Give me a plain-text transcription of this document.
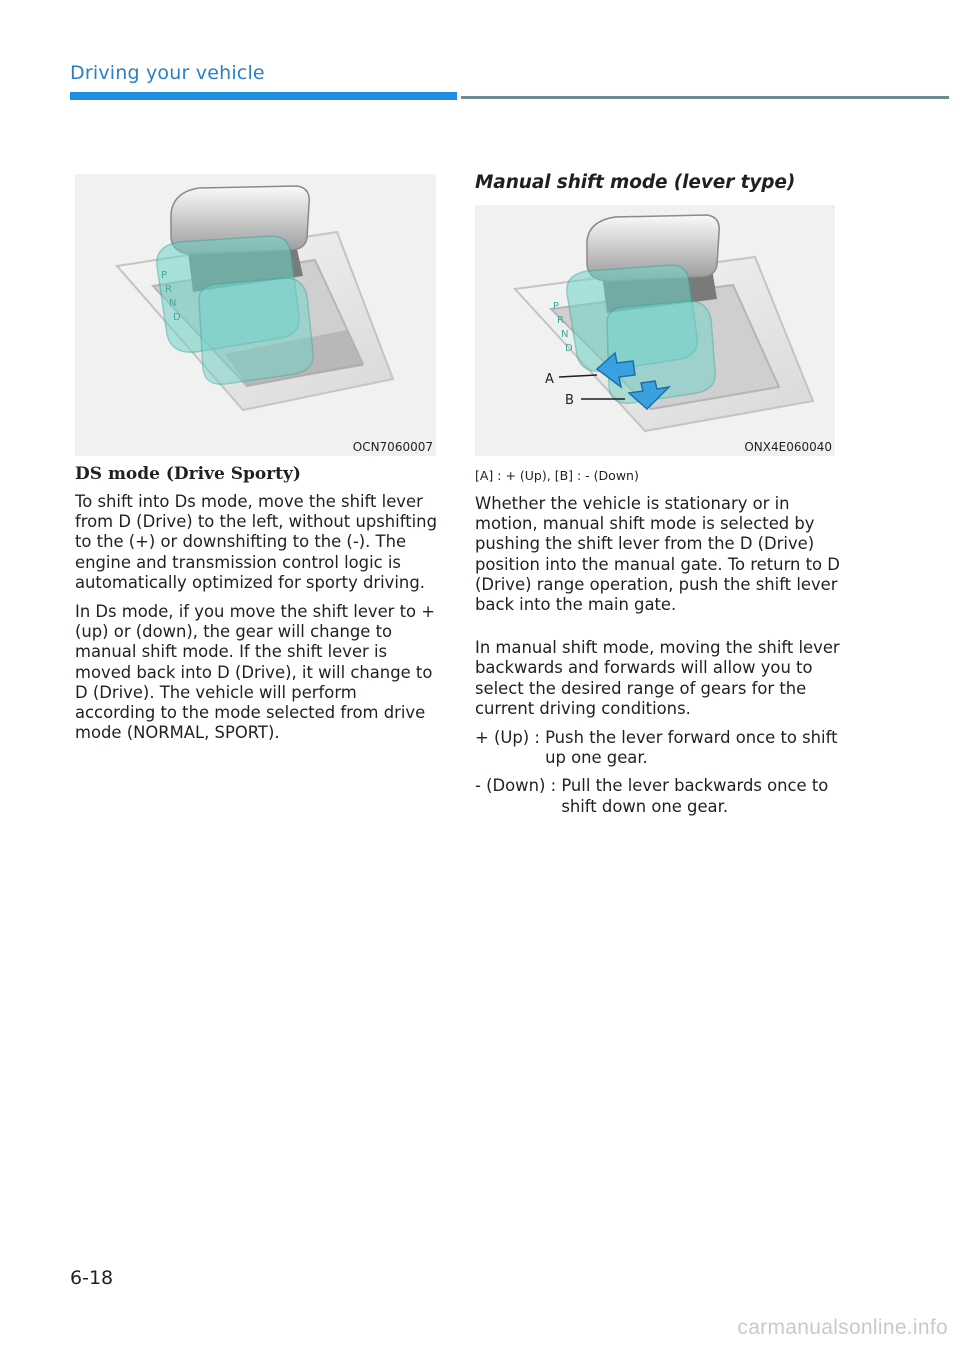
Driving your vehicle
P
R
N
D
OCN7060007
DS mode (Drive Sporty)

To shift into Ds mode, move the shift lever from D (Drive) to the left, without upshifting to the (+) or downshifting to the (-). The engine and transmission control logic is automatically optimized for sporty driving.

In Ds mode, if you move the shift lever to + (up) or (down), the gear will change to manual shift mode. If the shift lever is moved back into D (Drive), it will change to D (Drive). The vehicle will perform according to the mode selected from drive mode (NORMAL, SPORT).

Manual shift mode (lever type)
P
R
N
D
A
B
ONX4E060040
[A] : + (Up), [B] : - (Down)

Whether the vehicle is stationary or in motion, manual shift mode is selected by pushing the shift lever from the D (Drive) position into the manual gate. To return to D (Drive) range operation, push the shift lever back into the main gate.

In manual shift mode, moving the shift lever backwards and forwards will allow you to select the desired range of gears for the current driving conditions.

+ (Up) : Push the lever forward once to shift up one gear.
- (Down) : Pull the lever backwards once to shift down one gear.
6-18
carmanualsonline.info
